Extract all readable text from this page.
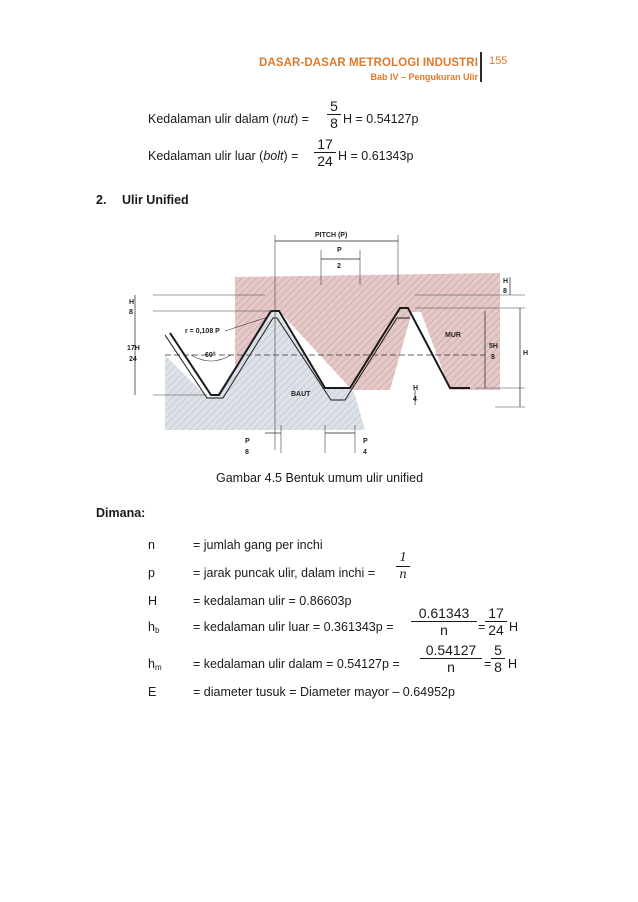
DASAR-DASAR METROLOGI INDUSTRI
Bab IV – Pengukuran Ulir
155
Kedalaman ulir dalam (nut) =
5
8 H = 0.54127p
Kedalaman ulir luar (bolt) =
17
24 H = 0.61343p
2. Ulir Unified
PITCH (P)
P
2
H
8
17H
24
r = 0,108 P
60°
MUR
5H
8
H
H
8
BAUT
H
4
P
8
P
4
Gambar 4.5 Bentuk umum ulir unified
Dimana:
n	= jumlah gang per inchi
p	= jarak puncak ulir, dalam inchi =
1
n
H	= kedalaman ulir = 0.86603p
$h_b$	= kedalaman ulir luar = 0.361343p =
0.61343
n	=
17
24 H
$h_m$	= kedalaman ulir dalam = 0.54127p =
0.54127
n	=
5
8 H
E	= diameter tusuk = Diameter mayor – 0.64952p
